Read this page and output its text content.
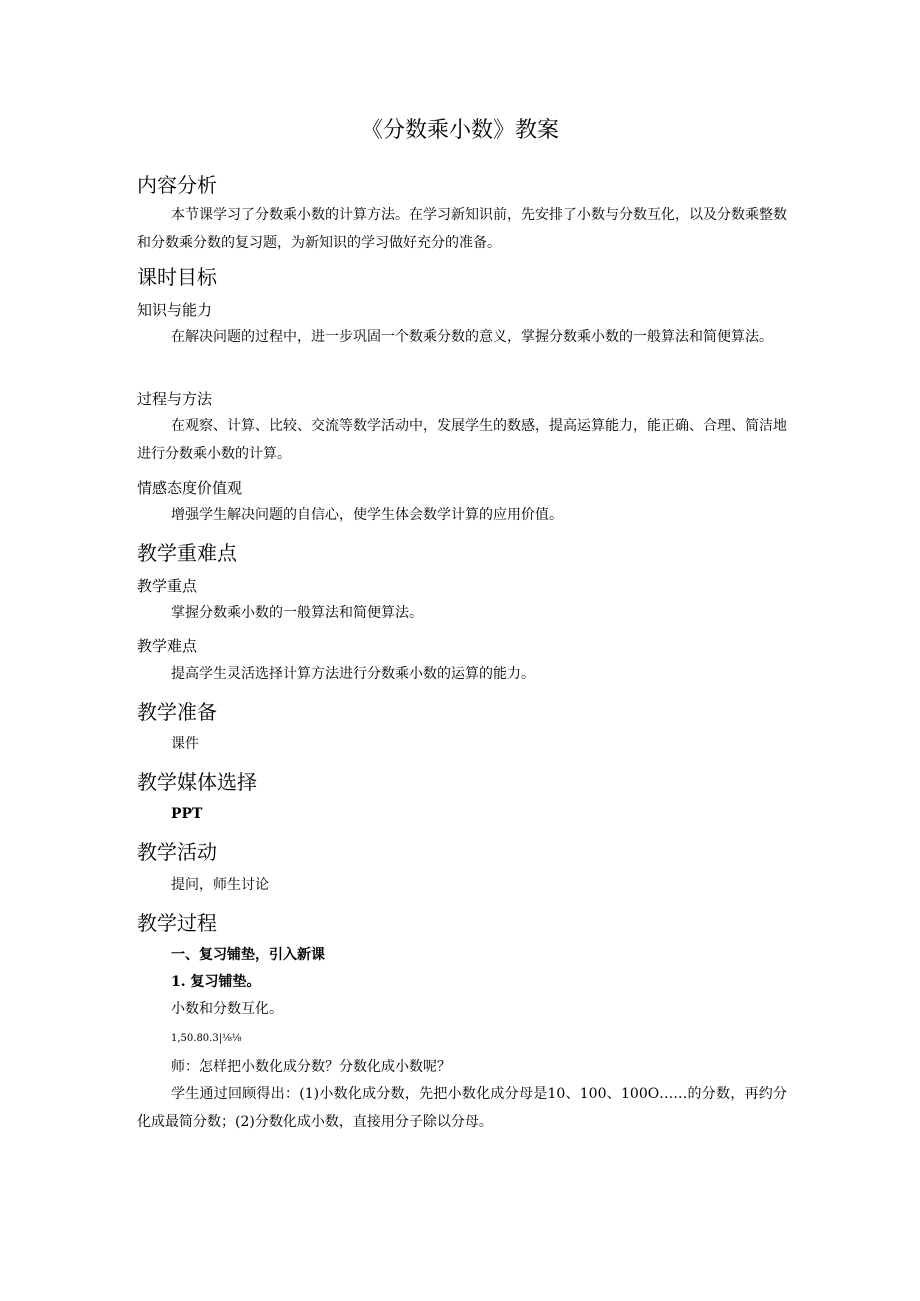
《分数乘小数》教案
内容分析
本节课学习了分数乘小数的计算方法。在学习新知识前，先安排了小数与分数互化，以及分数乘整数和分数乘分数的复习题，为新知识的学习做好充分的准备。
课时目标
知识与能力
在解决问题的过程中，进一步巩固一个数乘分数的意义，掌握分数乘小数的一般算法和简便算法。
过程与方法
在观察、计算、比较、交流等数学活动中，发展学生的数感，提高运算能力，能正确、合理、简洁地进行分数乘小数的计算。
情感态度价值观
增强学生解决问题的自信心，使学生体会数学计算的应用价值。
教学重难点
教学重点
掌握分数乘小数的一般算法和简便算法。
教学难点
提高学生灵活选择计算方法进行分数乘小数的运算的能力。
教学准备
课件
教学媒体选择
PPT
教学活动
提问，师生讨论
教学过程
一、复习铺垫，引入新课
1. 复习铺垫。
小数和分数互化。
1,50.80.3|⅛⅛
师：怎样把小数化成分数？分数化成小数呢？
学生通过回顾得出：(1)小数化成分数，先把小数化成分母是10、100、100O……的分数，再约分化成最简分数；(2)分数化成小数，直接用分子除以分母。
